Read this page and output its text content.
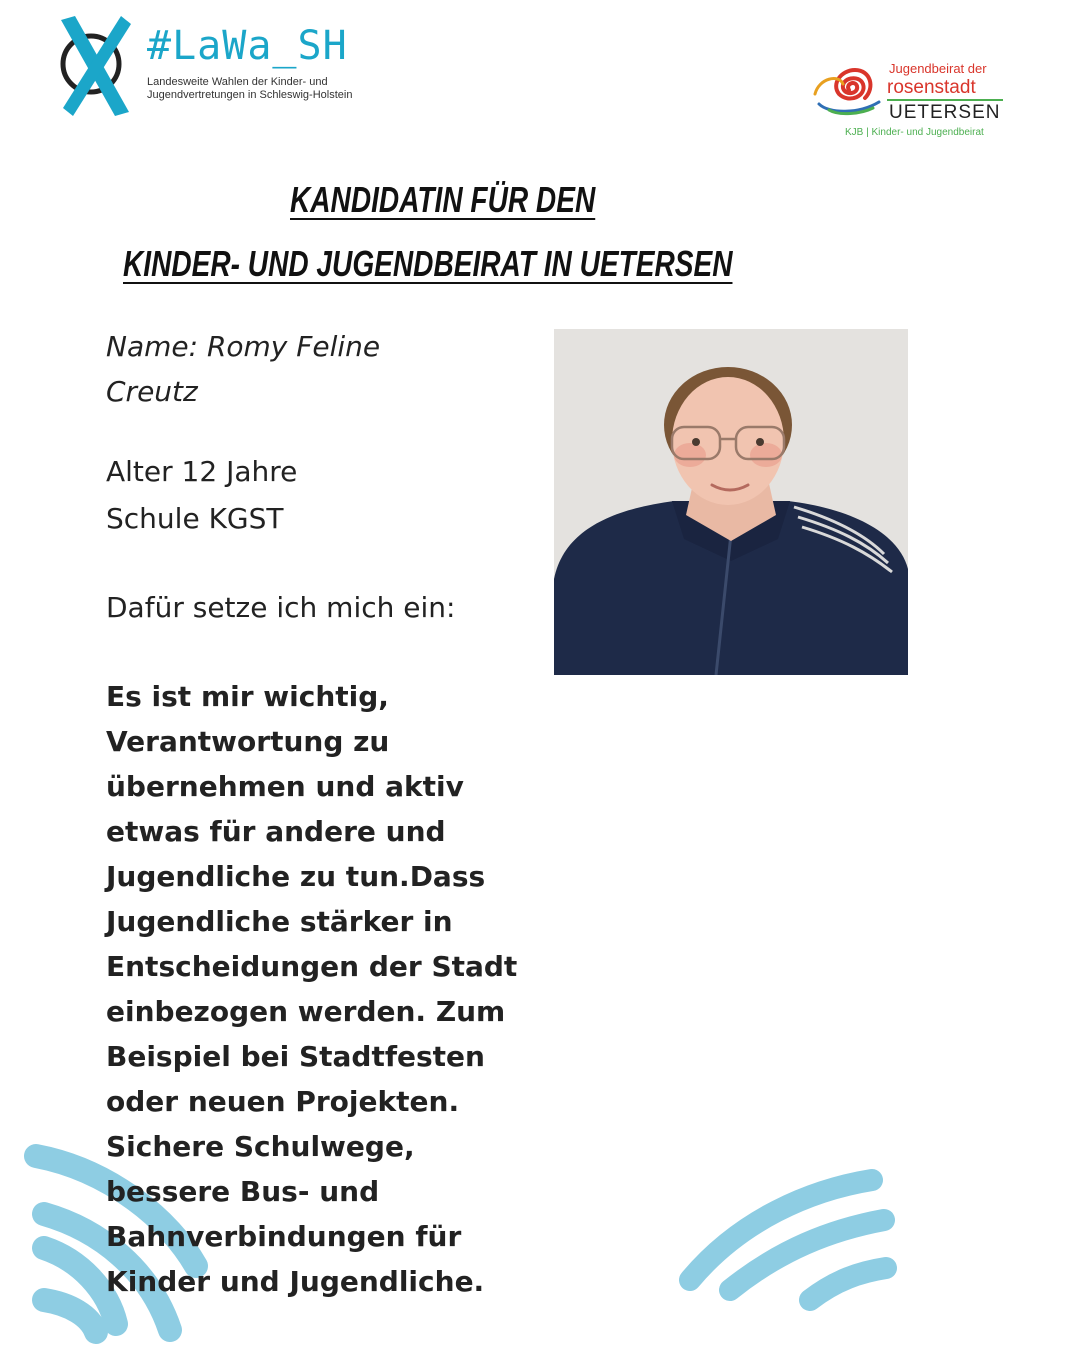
#LaWa_SH
Landesweite Wahlen der Kinder- und
Jugendvertretungen in Schleswig-Holstein
Jugendbeirat der
rosenstadt
UETERSEN
KJB | Kinder- und Jugendbeirat
KANDIDATIN FÜR DEN
KINDER- UND JUGENDBEIRAT IN UETERSEN
Name: Romy Feline Creutz
Alter 12 Jahre
Schule KGST
Dafür setze ich mich ein:
Es ist mir wichtig, Verantwortung zu übernehmen und aktiv etwas für andere und Jugendliche zu tun.Dass Jugendliche stärker in Entscheidungen der Stadt einbezogen werden. Zum Beispiel bei Stadtfesten oder neuen Projekten. Sichere Schulwege, bessere Bus- und Bahnverbindungen für Kinder und Jugendliche.
